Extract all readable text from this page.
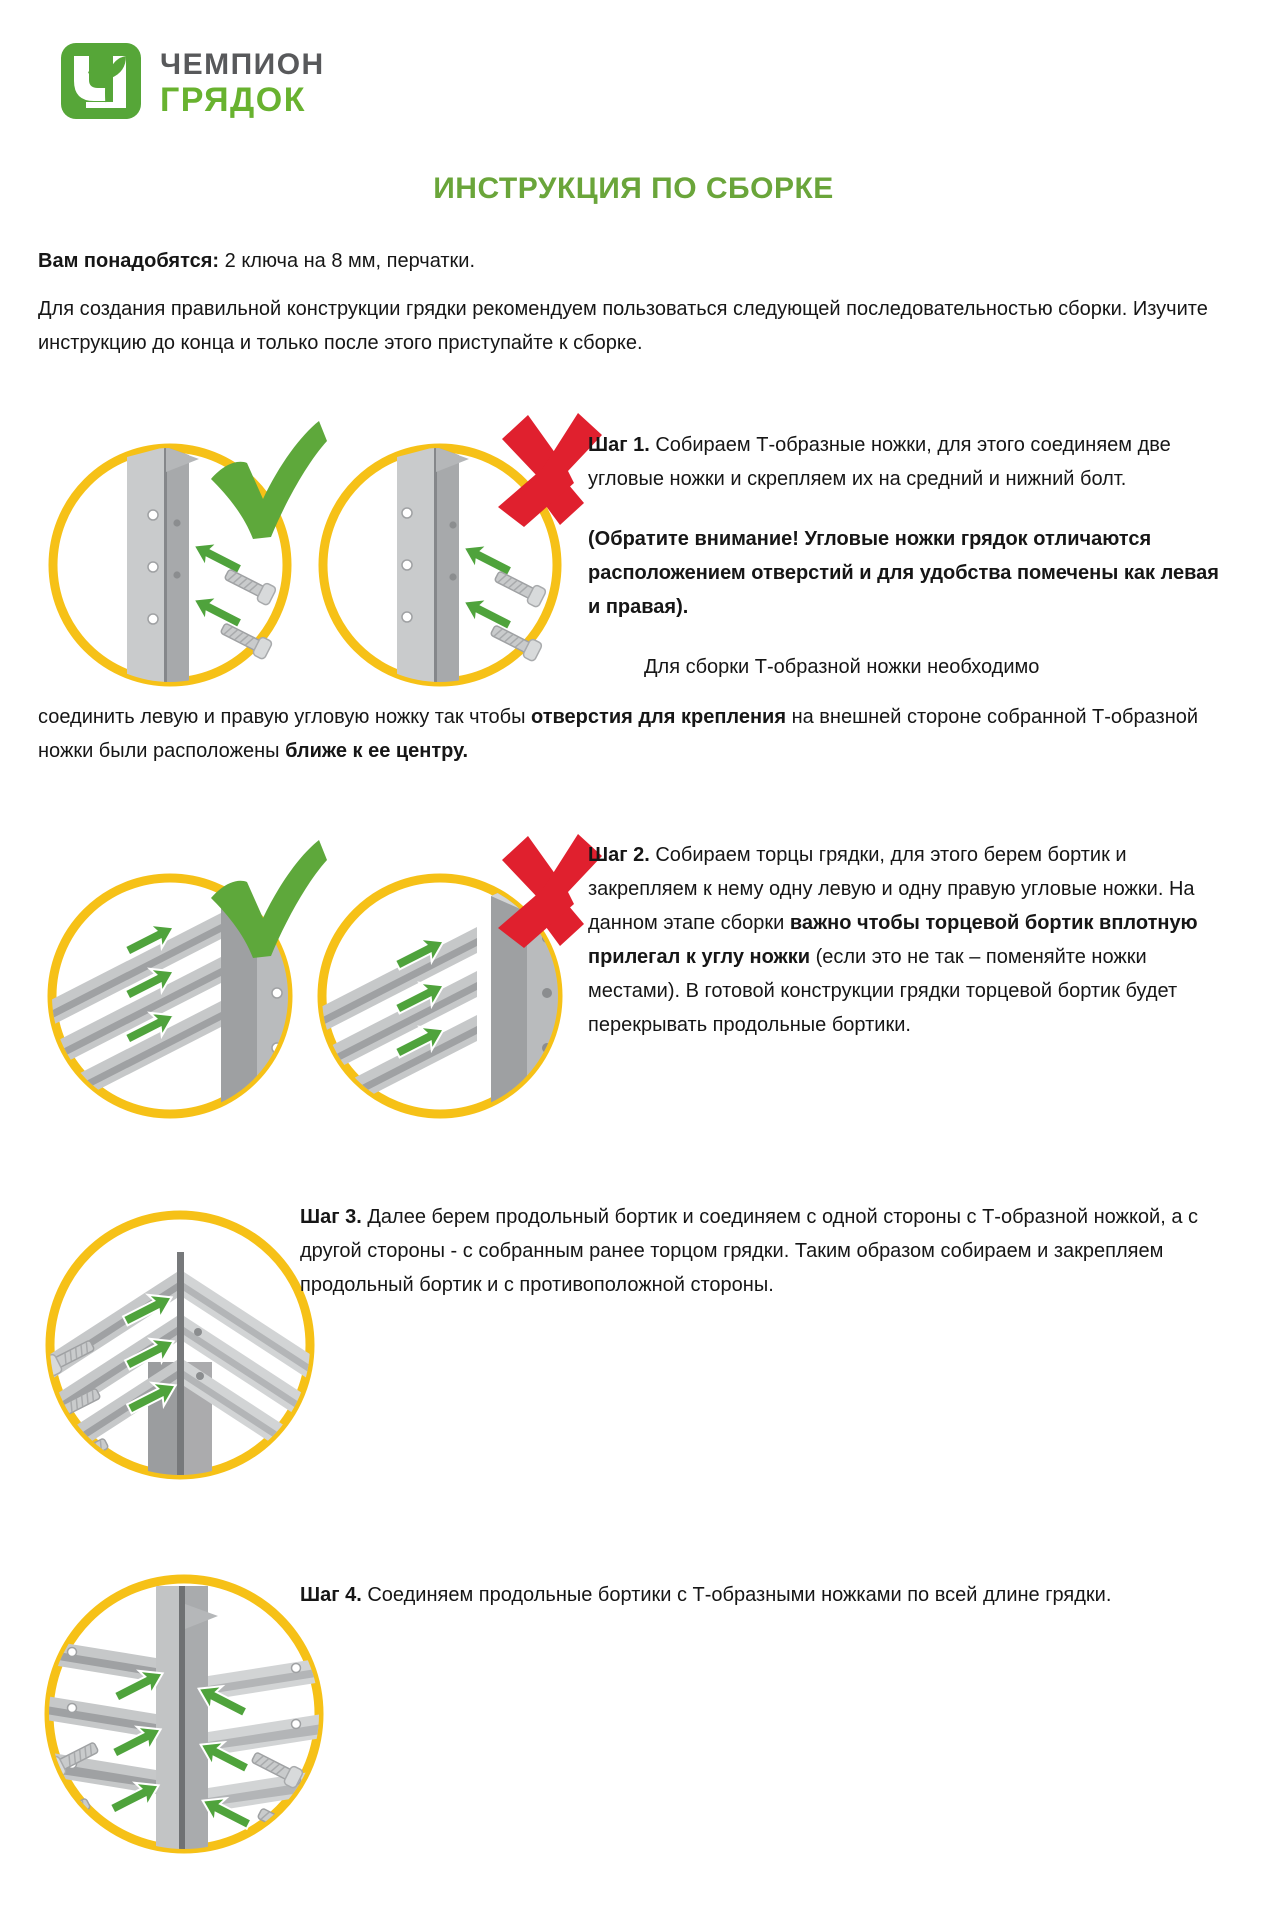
ЧЕМПИОН
ГРЯДОК
ИНСТРУКЦИЯ ПО СБОРКЕ

Вам понадобятся: 2 ключа на 8 мм, перчатки.

Для создания правильной конструкции грядки рекомендуем пользоваться следующей последовательностью сборки. Изучите инструкцию до конца и только после этого приступайте к сборке.

Шаг 1. Собираем Т-образные ножки, для этого соединяем две угловые ножки и скрепляем их на средний и нижний болт.

(Обратите внимание! Угловые ножки грядок отличаются расположением отверстий и для удобства помечены как левая и правая).

Для сборки Т-образной ножки необходимо

соединить левую и правую угловую ножку так чтобы отверстия для крепления на внешней стороне собранной Т-образной ножки были расположены ближе к ее центру.

Шаг 2. Собираем торцы грядки, для этого берем бортик и закрепляем к нему одну левую и одну правую угловые ножки. На данном этапе сборки важно чтобы торцевой бортик вплотную прилегал к углу ножки (если это не так – поменяйте ножки местами). В готовой конструкции грядки торцевой бортик будет перекрывать продольные бортики.

Шаг 3. Далее берем продольный бортик и соединяем с одной стороны с Т-образной ножкой, а с другой стороны - с собранным ранее торцом грядки. Таким образом собираем и закрепляем продольный бортик и с противоположной стороны.

Шаг 4. Соединяем продольные бортики с Т-образными ножками по всей длине грядки.
